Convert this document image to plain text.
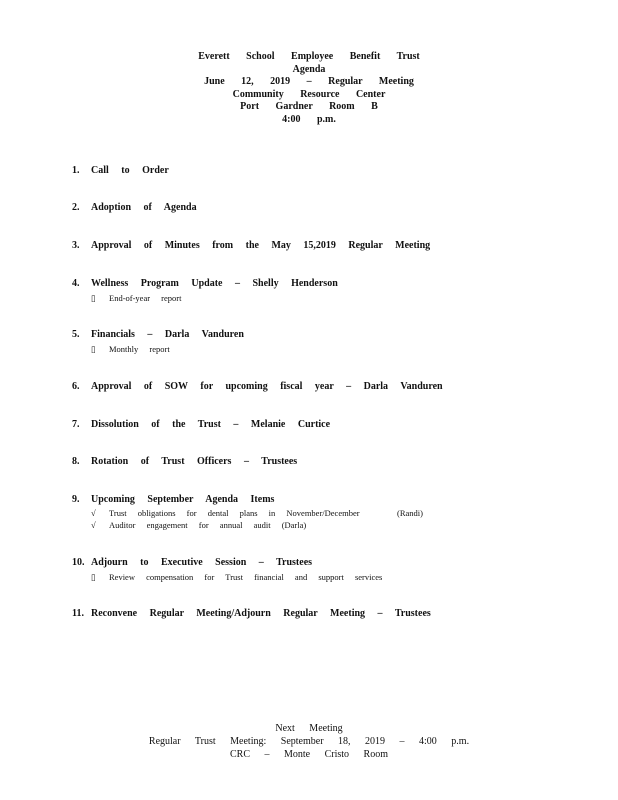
Everett School Employee Benefit Trust
Agenda
June 12, 2019 – Regular Meeting
Community Resource Center
Port Gardner Room B
4:00 p.m.
1. Call to Order
2. Adoption of Agenda
3. Approval of Minutes from the May 15,2019 Regular Meeting
4. Wellness Program Update – Shelly Henderson
▯ End-of-year report
5. Financials – Darla Vanduren
▯ Monthly report
6. Approval of SOW for upcoming fiscal year – Darla Vanduren
7. Dissolution of the Trust – Melanie Curtice
8. Rotation of Trust Officers – Trustees
9. Upcoming September Agenda Items
√ Trust obligations for dental plans in November/December	(Randi)
√ Auditor engagement for annual audit (Darla)
10. Adjourn to Executive Session – Trustees
▯ Review compensation for Trust financial and support services
11. Reconvene Regular Meeting/Adjourn Regular Meeting – Trustees
Next Meeting
Regular Trust Meeting: September 18, 2019 – 4:00 p.m.
CRC – Monte Cristo Room
